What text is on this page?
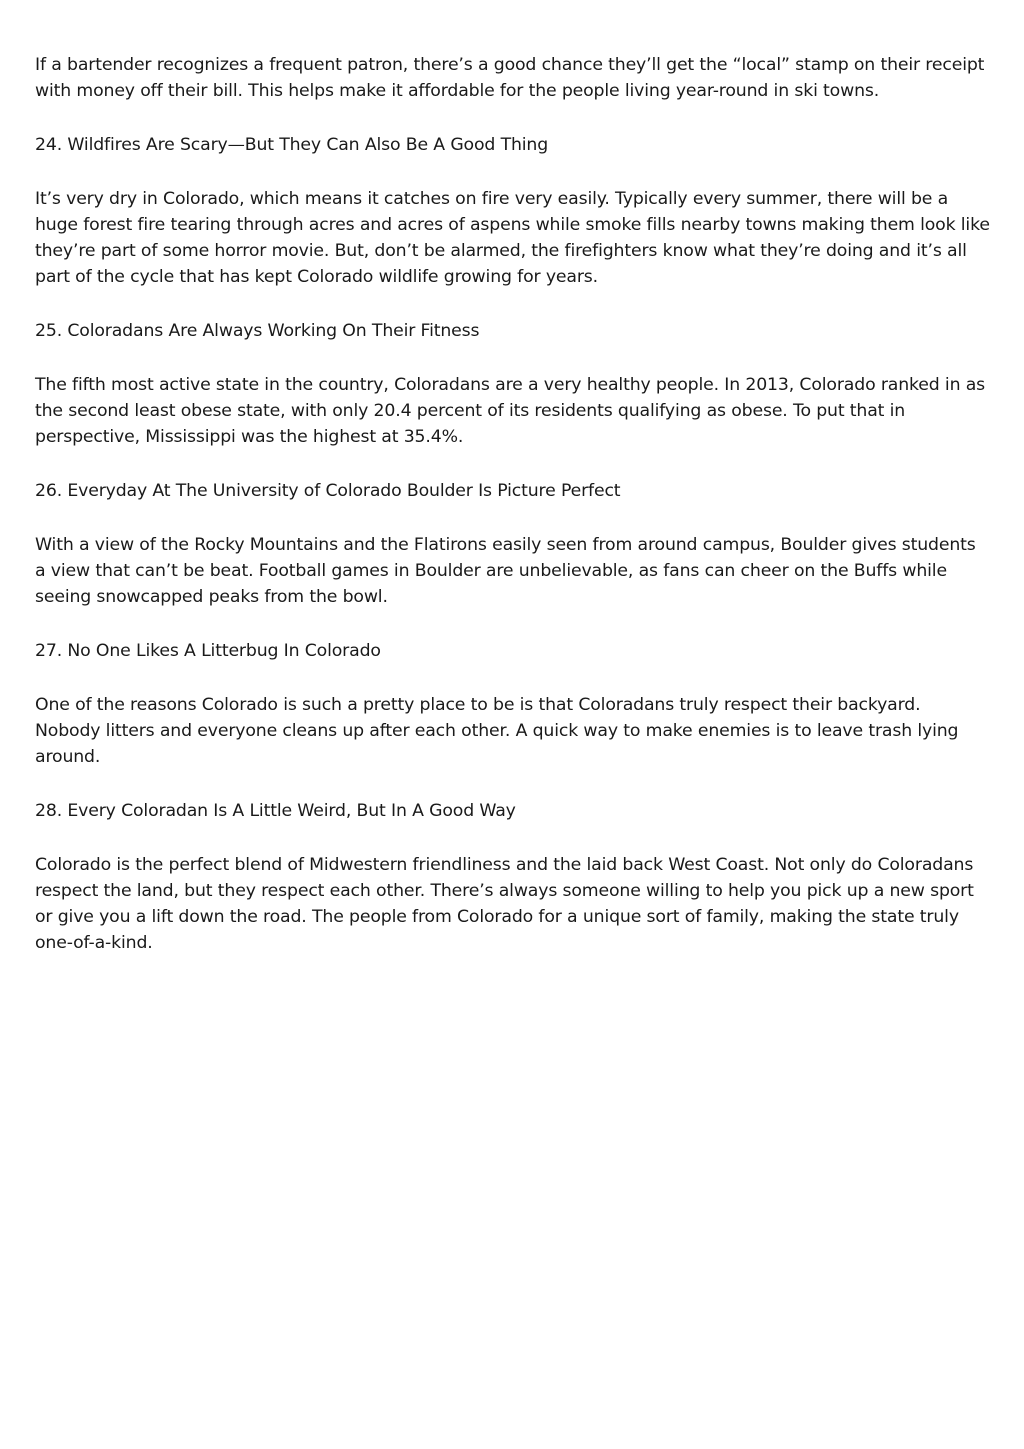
If a bartender recognizes a frequent patron, there’s a good chance they’ll get the “local” stamp on their receipt with money off their bill. This helps make it affordable for the people living year-round in ski towns.

24. Wildfires Are Scary—But They Can Also Be A Good Thing

It’s very dry in Colorado, which means it catches on fire very easily. Typically every summer, there will be a huge forest fire tearing through acres and acres of aspens while smoke fills nearby towns making them look like they’re part of some horror movie. But, don’t be alarmed, the firefighters know what they’re doing and it’s all part of the cycle that has kept Colorado wildlife growing for years.

25. Coloradans Are Always Working On Their Fitness

The fifth most active state in the country, Coloradans are a very healthy people. In 2013, Colorado ranked in as the second least obese state, with only 20.4 percent of its residents qualifying as obese. To put that in perspective, Mississippi was the highest at 35.4%.

26. Everyday At The University of Colorado Boulder Is Picture Perfect

With a view of the Rocky Mountains and the Flatirons easily seen from around campus, Boulder gives students a view that can’t be beat. Football games in Boulder are unbelievable, as fans can cheer on the Buffs while seeing snowcapped peaks from the bowl.

27. No One Likes A Litterbug In Colorado

One of the reasons Colorado is such a pretty place to be is that Coloradans truly respect their backyard. Nobody litters and everyone cleans up after each other. A quick way to make enemies is to leave trash lying around.

28. Every Coloradan Is A Little Weird, But In A Good Way

Colorado is the perfect blend of Midwestern friendliness and the laid back West Coast. Not only do Coloradans respect the land, but they respect each other. There’s always someone willing to help you pick up a new sport or give you a lift down the road. The people from Colorado for a unique sort of family, making the state truly one-of-a-kind.
